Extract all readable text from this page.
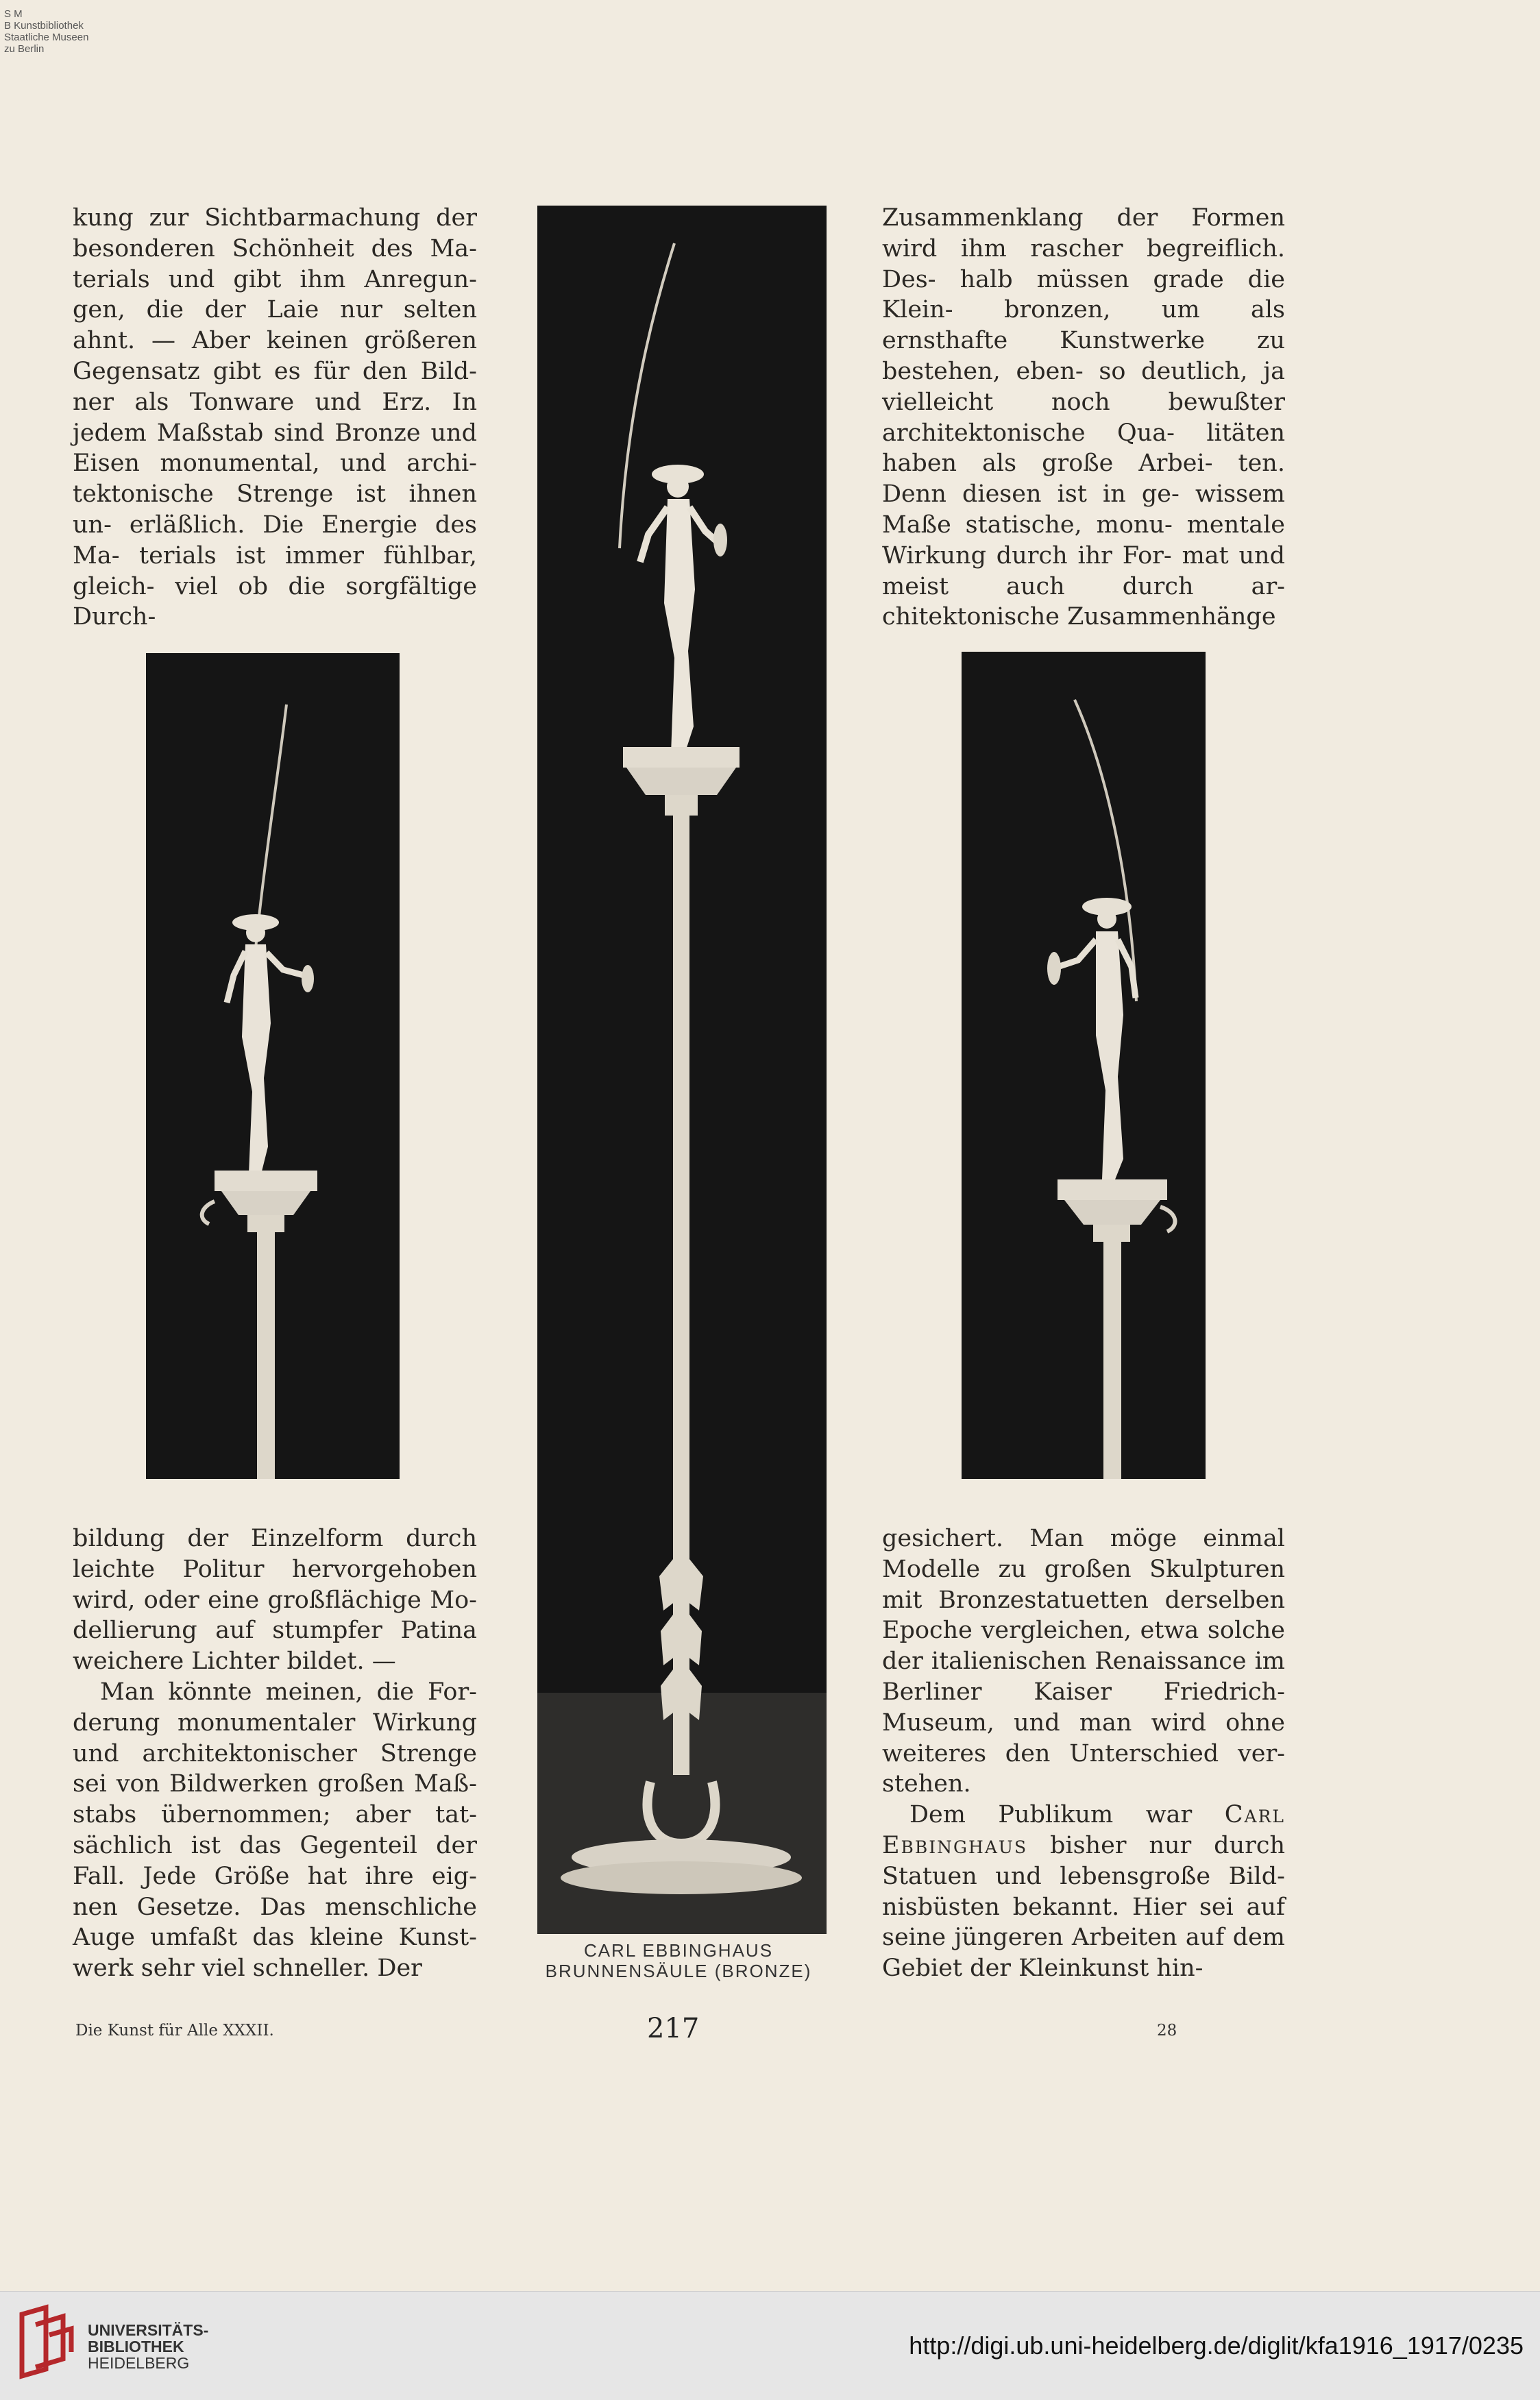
S M
B Kunstbibliothek
Staatliche Museen
zu Berlin

kung zur Sichtbarmachung der besonderen Schönheit des Ma- terials und gibt ihm Anregun- gen, die der Laie nur selten ahnt. — Aber keinen größeren Gegensatz gibt es für den Bild- ner als Tonware und Erz. In jedem Maßstab sind Bronze und Eisen monumental, und archi- tektonische Strenge ist ihnen un- erläßlich. Die Energie des Ma- terials ist immer fühlbar, gleich- viel ob die sorgfältige Durch-

Zusammenklang der Formen wird ihm rascher begreiflich. Des- halb müssen grade die Klein- bronzen, um als ernsthafte Kunstwerke zu bestehen, eben- so deutlich, ja vielleicht noch bewußter architektonische Qua- litäten haben als große Arbei- ten. Denn diesen ist in ge- wissem Maße statische, monu- mentale Wirkung durch ihr For- mat und meist auch durch ar- chitektonische Zusammenhänge

bildung der Einzelform durch leichte Politur hervorgehoben wird, oder eine großflächige Mo- dellierung auf stumpfer Patina weichere Lichter bildet. —

Man könnte meinen, die For- derung monumentaler Wirkung und architektonischer Strenge sei von Bildwerken großen Maß- stabs übernommen; aber tat- sächlich ist das Gegenteil der Fall. Jede Größe hat ihre eig- nen Gesetze. Das menschliche Auge umfaßt das kleine Kunst- werk sehr viel schneller. Der

gesichert. Man möge einmal Modelle zu großen Skulpturen mit Bronzestatuetten derselben Epoche vergleichen, etwa solche der italienischen Renaissance im Berliner Kaiser Friedrich- Museum, und man wird ohne weiteres den Unterschied ver- stehen.

Dem Publikum war Carl Ebbinghaus bisher nur durch Statuen und lebensgroße Bild- nisbüsten bekannt. Hier sei auf seine jüngeren Arbeiten auf dem Gebiet der Kleinkunst hin-

CARL EBBINGHAUS
BRUNNENSÄULE (BRONZE)
Die Kunst für Alle XXXII.	217	28
UNIVERSITÄTS-
BIBLIOTHEK
HEIDELBERG
http://digi.ub.uni-heidelberg.de/diglit/kfa1916_1917/0235
